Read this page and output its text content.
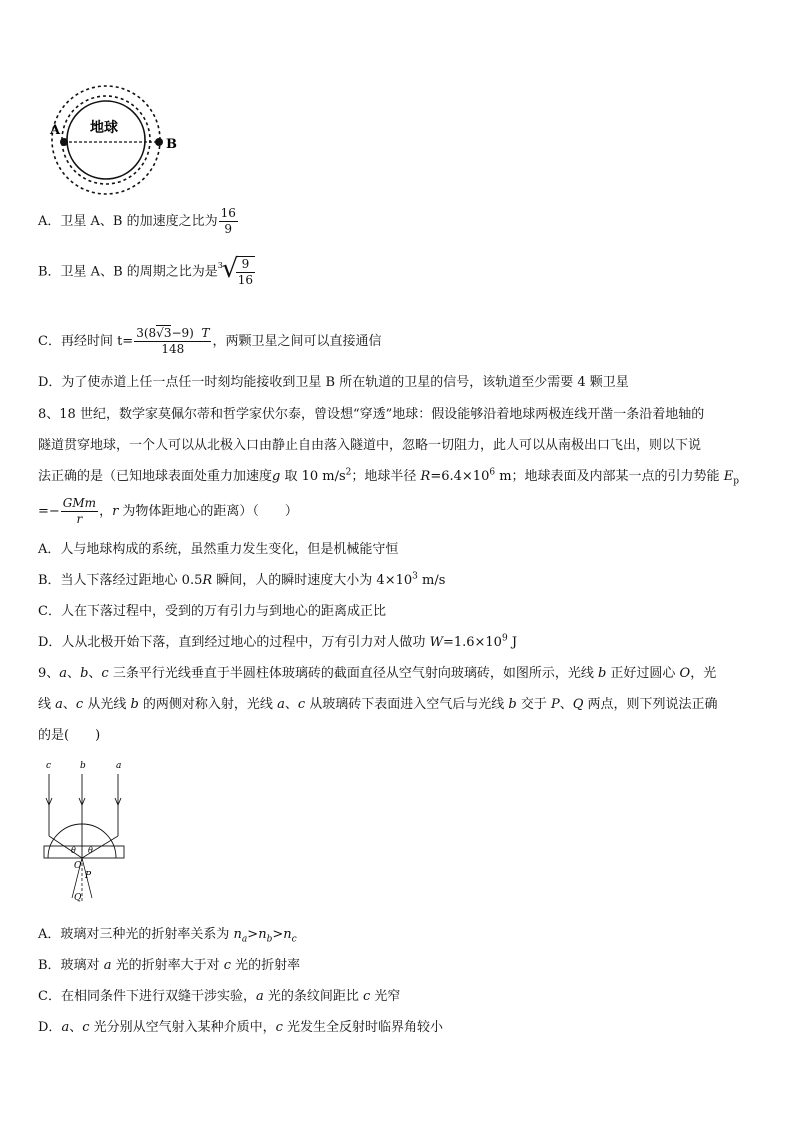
A
B
地球
A．卫星 A、B 的加速度之比为 $\frac{16}{9}$
B．卫星 A、B 的周期之比为是 3
√
$\frac{9}{16}$
C．再经时间 $t= \frac{3(8√3-9) T}{148}$ ，两颗卫星之间可以直接通信
D．为了使赤道上任一点任一时刻均能接收到卫星 B 所在轨道的卫星的信号，该轨道至少需要 4 颗卫星
8、18 世纪，数学家莫佩尔蒂和哲学家伏尔泰，曾设想“穿透”地球：假设能够沿着地球两极连线开凿一条沿着地轴的
隧道贯穿地球，一个人可以从北极入口由静止自由落入隧道中，忽略一切阻力，此人可以从南极出口飞出，则以下说
法正确的是（已知地球表面处重力加速度g 取 10 $m/s^2$；地球半径 $R=6.4\times 10^6$ m；地球表面及内部某一点的引力势能 $E_p$
=− $\frac{\text{GMm}}{r}$ ，r 为物体距地心的距离）（　　）
A．人与地球构成的系统，虽然重力发生变化，但是机械能守恒
B．当人下落经过距地心 0.5R 瞬间，人的瞬时速度大小为 $4\times 10^3$ m/s
C．人在下落过程中，受到的万有引力与到地心的距离成正比
D．人从北极开始下落，直到经过地心的过程中，万有引力对人做功 $W=1.6\times 10^9$ J
9、a、b、c 三条平行光线垂直于半圆柱体玻璃砖的截面直径从空气射向玻璃砖，如图所示，光线 b 正好过圆心 O，光
线 a、c 从光线 b 的两侧对称入射，光线 a、c 从玻璃砖下表面进入空气后与光线 b 交于 P、Q 两点，则下列说法正确
的是(　　)
c	b	a
θ θ
O
P
Q
A．玻璃对三种光的折射率关系为 $n_a>n_b>n_c$
B．玻璃对 a 光的折射率大于对 c 光的折射率
C．在相同条件下进行双缝干涉实验，a 光的条纹间距比 c 光窄
D．a、c 光分别从空气射入某种介质中，c 光发生全反射时临界角较小
